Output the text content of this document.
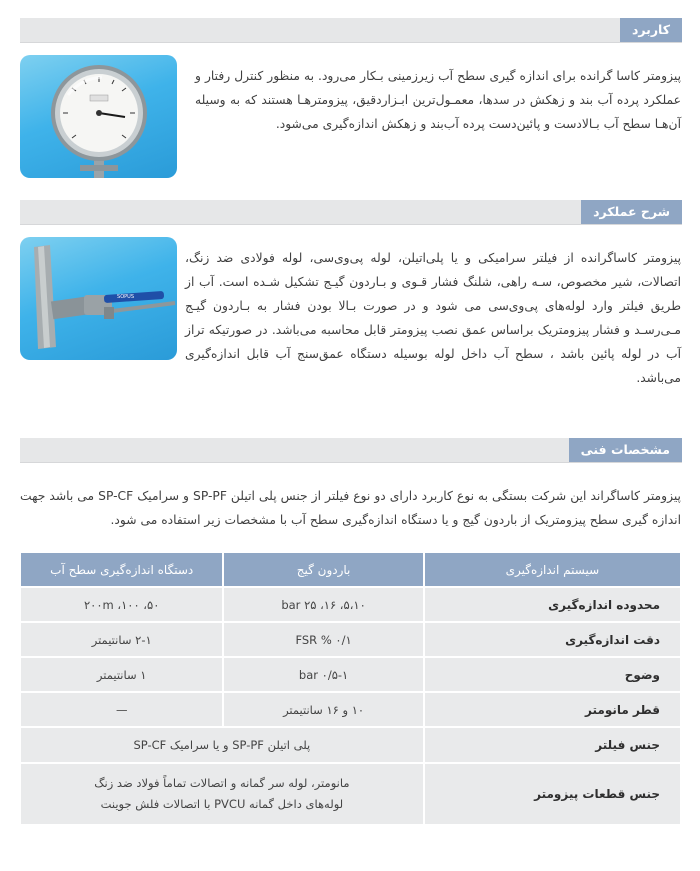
کاربرد

پیزومتر کاسا گرانده برای اندازه گیری سطح آب زیرزمینی بـکار می‌رود. به منظور کنترل رفتار و عملکرد پرده آب بند و زهکش در سدها، معمـول‌ترین ابـزاردقیق، پیزومترهـا هستند که به وسیله آن‌هـا سطح آب بـالادست و پائین‌دست پرده آب‌بند و زهکش اندازه‌گیری می‌شود.

شرح عملکرد
SOPUS

پیزومتر کاساگرانده از فیلتر سرامیکی و یا پلی‌اتیلن، لوله پی‌وی‌سی، لوله فولادی ضد زنگ، اتصالات، شیر مخصوص، سـه راهی، شلنگ فشار قـوی و بـاردون گیـج تشکیل شـده است. آب از طریق فیلتر وارد لوله‌های پی‌وی‌سی می شود و در صورت بـالا بودن فشار به بـاردون گیـج مـی‌رسـد و فشار پیزومتریک براساس عمق نصب پیزومتر قابل محاسبه می‌باشد. در صورتیکه تراز آب در لوله پائین باشد ، سطح آب داخل لوله بوسیله دستگاه عمق‌سنج آب قابل اندازه‌گیری می‌باشد.

مشخصات فنی

پیزومتر کاساگراند این شرکت بستگی به نوع کاربرد دارای دو نوع فیلتر از جنس پلی اتیلن SP-PF و سرامیک SP-CF می باشد جهت اندازه گیری سطح پیزومتریک از باردون گیج و یا دستگاه اندازه‌گیری سطح آب با مشخصات زیر استفاده می شود.

سیستم اندازه‌گیری	باردون گیج	دستگاه اندازه‌گیری سطح آب
محدوده اندازه‌گیری	۵،۱۰، ۱۶، ۲۵ bar	۵۰، ۱۰۰، ۲۰۰m
دقت اندازه‌گیری	۰/۱ % FSR	۲-۱ سانتیمتر
وضوح	۰/۵-۱ bar	۱ سانتیمتر
قطر مانومتر	۱۰ و ۱۶ سانتیمتر	—
جنس فیلتر	پلی اتیلن SP-PF و یا سرامیک SP-CF	
جنس قطعات پیزومتر	مانومتر، لوله سر گمانه و اتصالات تماماً فولاد ضد زنگ
لوله‌های داخل گمانه PVCU با اتصالات فلش جوینت	
